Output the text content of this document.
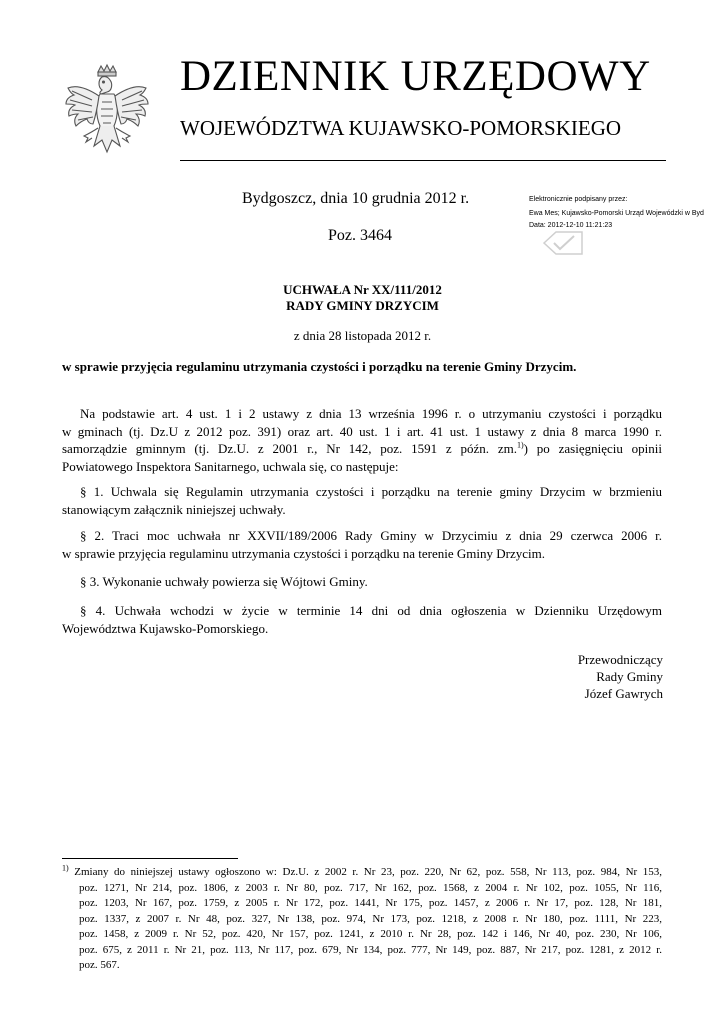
DZIENNIK URZĘDOWY
WOJEWÓDZTWA KUJAWSKO-POMORSKIEGO
Bydgoszcz, dnia 10 grudnia 2012 r.
Poz. 3464
Elektronicznie podpisany przez:
Ewa Mes; Kujawsko-Pomorski Urząd Wojewódzki w Byd
Data: 2012-12-10 11:21:23
UCHWAŁA Nr XX/111/2012
RADY GMINY DRZYCIM
z dnia 28 listopada 2012 r.
w sprawie przyjęcia regulaminu utrzymania czystości i porządku na terenie Gminy Drzycim.
Na podstawie art. 4 ust. 1 i 2 ustawy z dnia 13 września 1996 r. o utrzymaniu czystości i porządku
w gminach (tj. Dz.U z 2012 poz. 391) oraz art. 40 ust. 1 i art. 41 ust. 1 ustawy z dnia 8 marca 1990 r.
samorządzie gminnym (tj. Dz.U. z 2001 r., Nr 142, poz. 1591 z późn. zm.$^{1)}$) po zasięgnięciu opinii
Powiatowego Inspektora Sanitarnego, uchwala się, co następuje:
§ 1. Uchwala się Regulamin utrzymania czystości i porządku na terenie gminy Drzycim w brzmieniu
stanowiącym załącznik niniejszej uchwały.
§ 2. Traci moc uchwała nr XXVII/189/2006 Rady Gminy w Drzycimiu z dnia 29 czerwca 2006 r.
w sprawie przyjęcia regulaminu utrzymania czystości i porządku na terenie Gminy Drzycim.
§ 3. Wykonanie uchwały powierza się Wójtowi Gminy.
§ 4. Uchwała wchodzi w życie w terminie 14 dni od dnia ogłoszenia w Dzienniku Urzędowym
Województwa Kujawsko-Pomorskiego.
Przewodniczący
Rady Gminy
Józef Gawrych
$^{1)}$ Zmiany do niniejszej ustawy ogłoszono w: Dz.U. z 2002 r. Nr 23, poz. 220, Nr 62, poz. 558, Nr 113, poz. 984, Nr 153,
poz. 1271, Nr 214, poz. 1806, z 2003 r. Nr 80, poz. 717, Nr 162, poz. 1568, z 2004 r. Nr 102, poz. 1055, Nr 116,
poz. 1203, Nr 167, poz. 1759, z 2005 r. Nr 172, poz. 1441, Nr 175, poz. 1457, z 2006 r. Nr 17, poz. 128, Nr 181,
poz. 1337, z 2007 r. Nr 48, poz. 327, Nr 138, poz. 974, Nr 173, poz. 1218, z 2008 r. Nr 180, poz. 1111, Nr 223,
poz. 1458, z 2009 r. Nr 52, poz. 420, Nr 157, poz. 1241, z 2010 r. Nr 28, poz. 142 i 146, Nr 40, poz. 230, Nr 106,
poz. 675, z 2011 r. Nr 21, poz. 113, Nr 117, poz. 679, Nr 134, poz. 777, Nr 149, poz. 887, Nr 217, poz. 1281, z 2012 r.
poz. 567.
